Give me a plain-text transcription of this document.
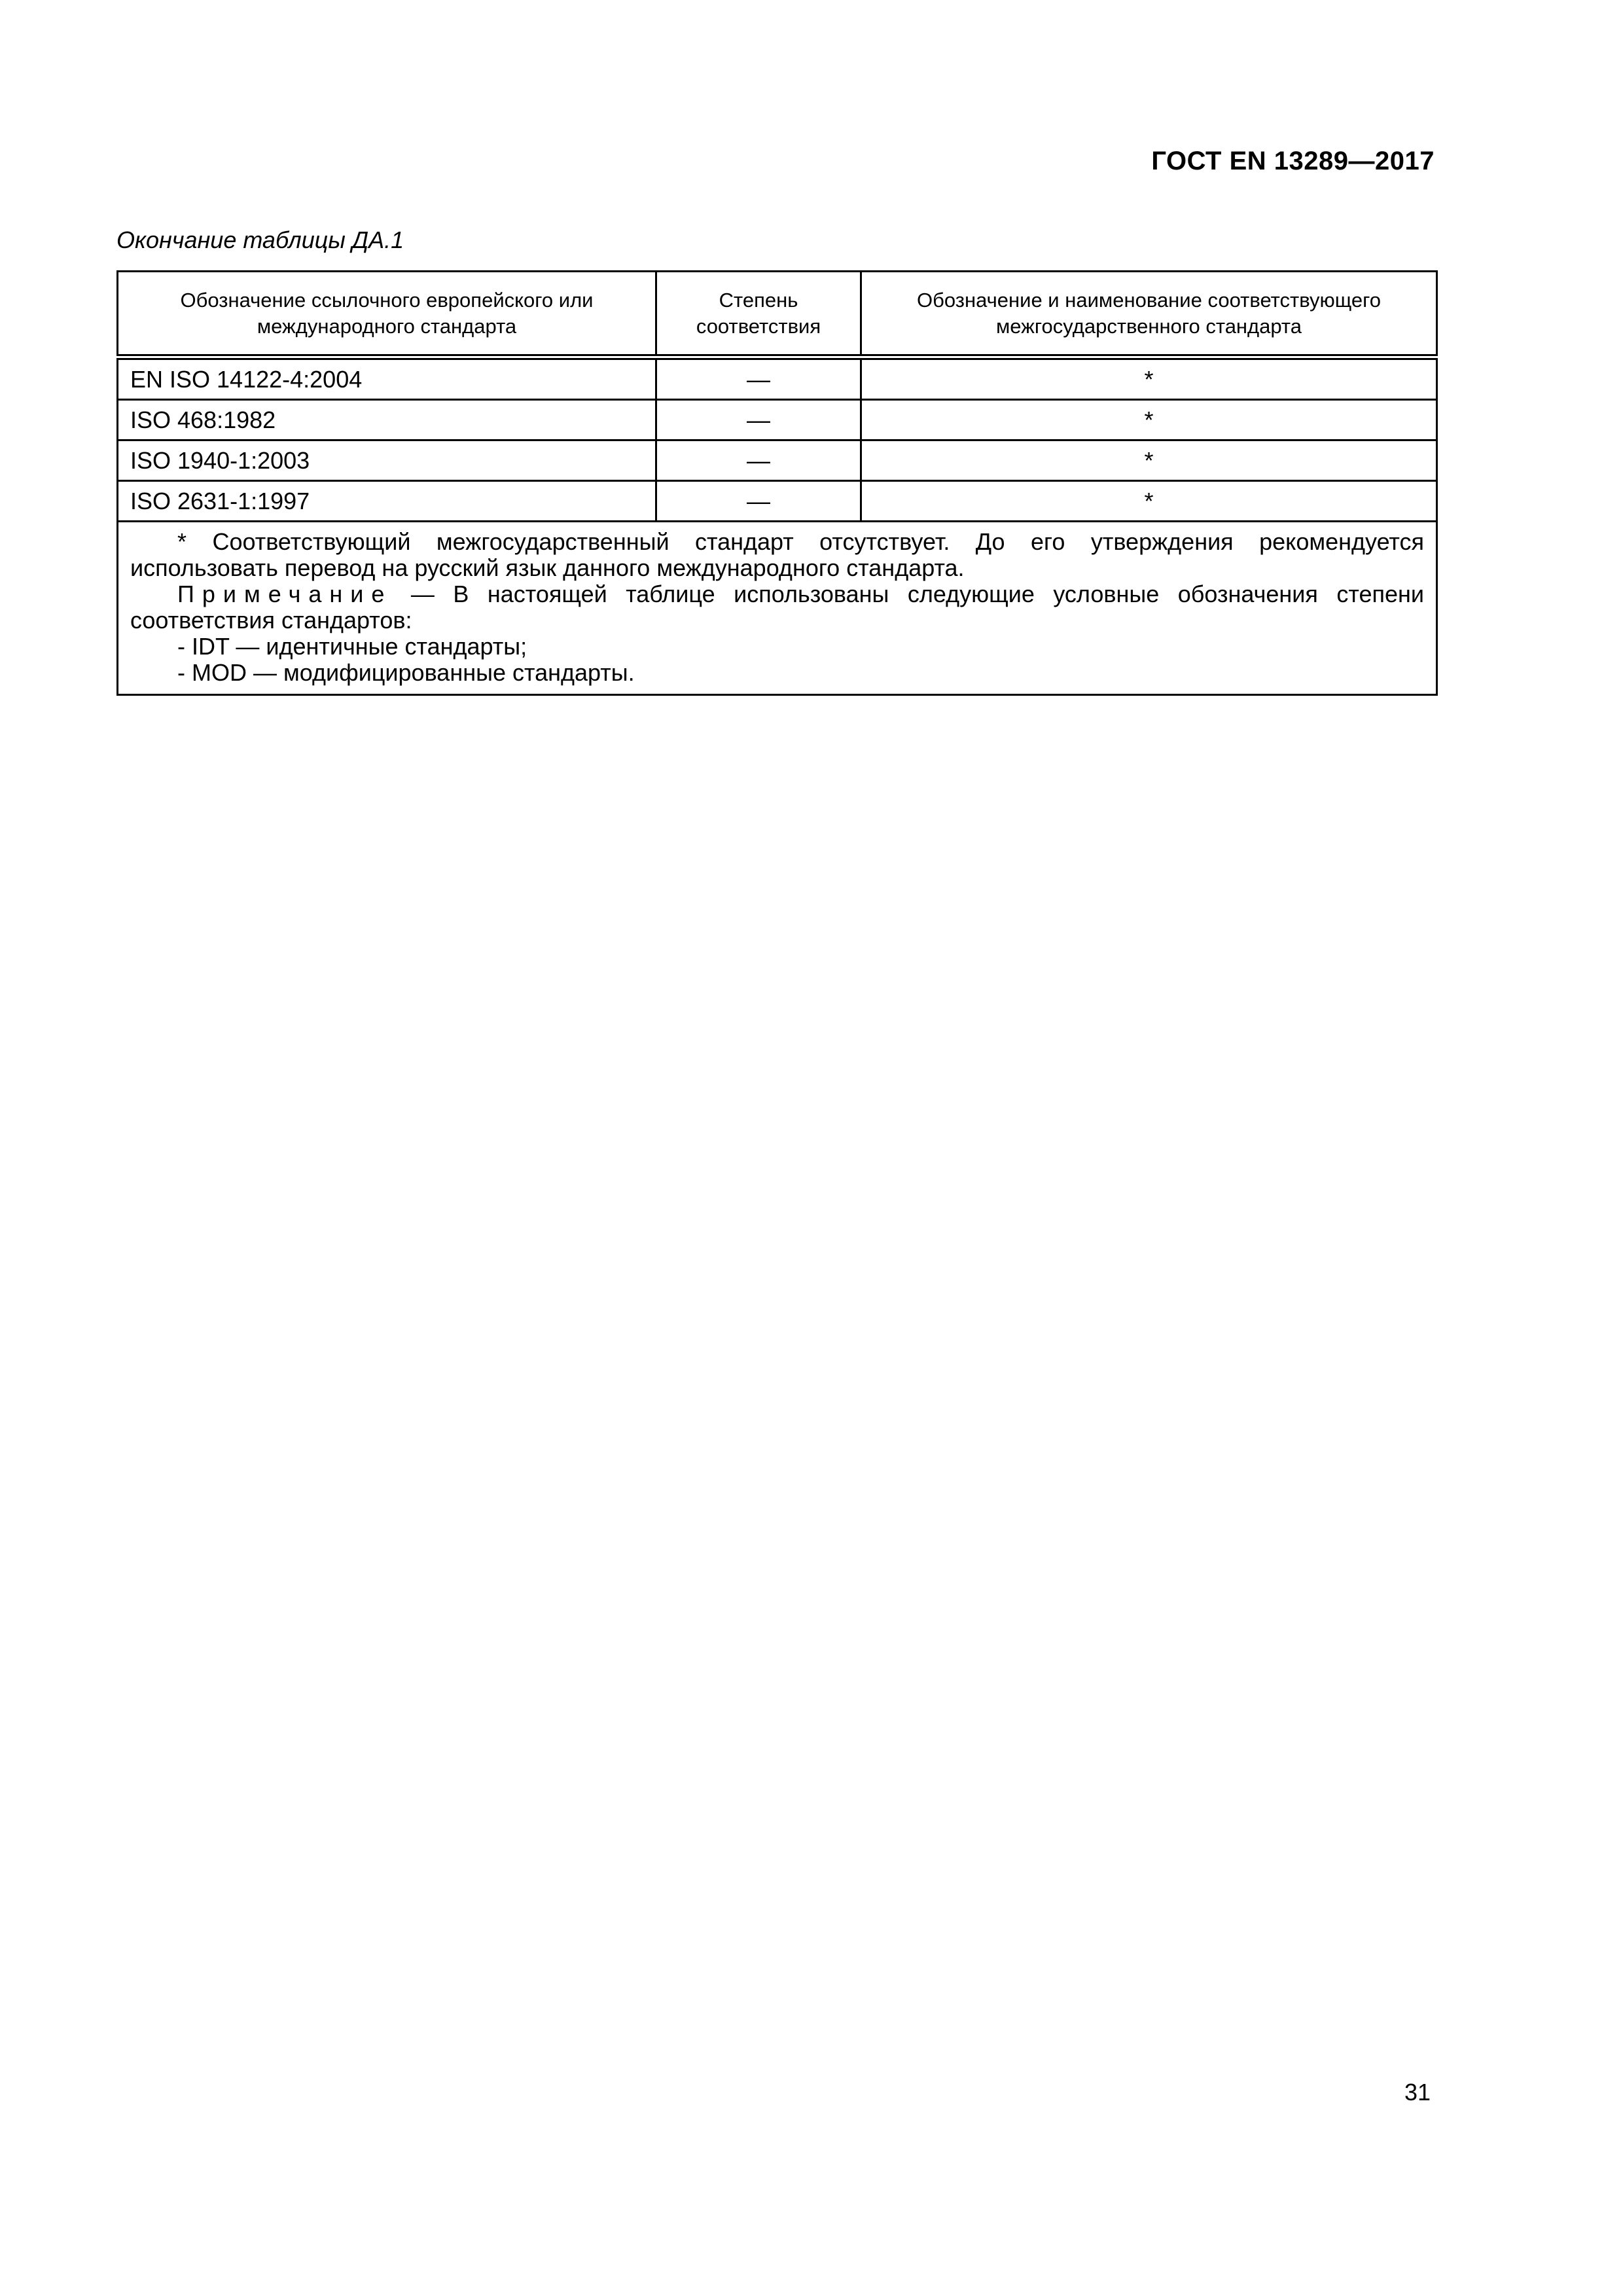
ГОСТ EN 13289—2017
Окончание таблицы ДА.1
Обозначение ссылочного европейского или международного стандарта	Степень соответствия	Обозначение и наименование соответствующего межгосударственного стандарта
EN ISO 14122-4:2004	—	*
ISO 468:1982	—	*
ISO 1940-1:2003	—	*
ISO 2631-1:1997	—	*

* Соответствующий межгосударственный стандарт отсутствует. До его утверждения рекомендуется использовать перевод на русский язык данного международного стандарта.

Примечание — В настоящей таблице использованы следующие условные обозначения степени соответствия стандартов:

- IDT — идентичные стандарты;

- MOD — модифицированные стандарты.		

31
